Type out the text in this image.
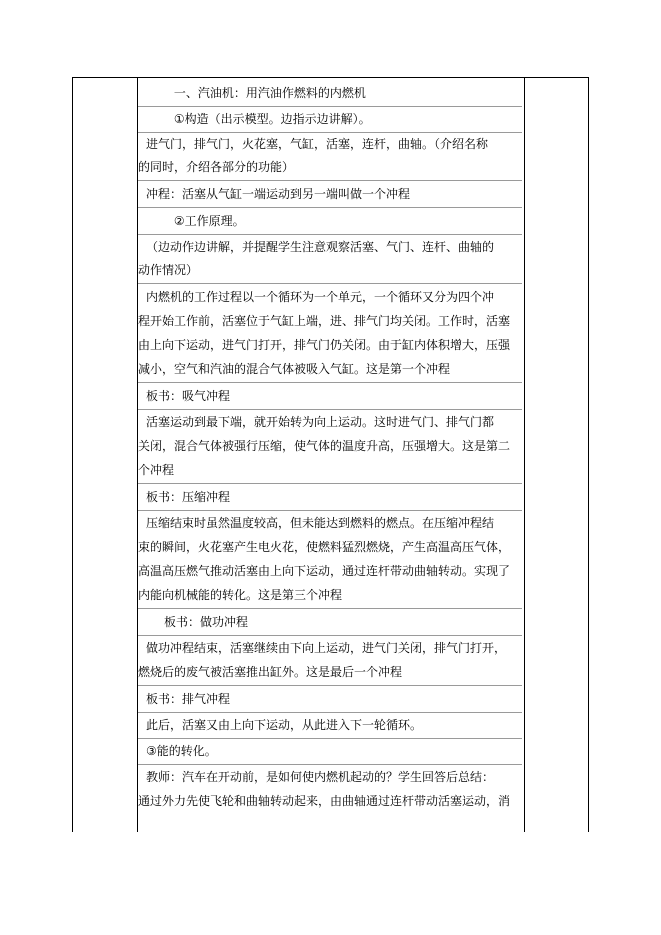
　 一、汽油机：用汽油作燃料的内燃机
　 ①构造（出示模型。边指示边讲解）。
进气门，排气门，火花塞，气缸，活塞，连杆，曲轴。（介绍名称
的同时，介绍各部分的功能）
冲程：活塞从气缸一端运动到另一端叫做一个冲程
　 ②工作原理。
（边动作边讲解，并提醒学生注意观察活塞、气门、连杆、曲轴的
动作情况）
内燃机的工作过程以一个循环为一个单元，一个循环又分为四个冲
程开始工作前，活塞位于气缸上端，进、排气门均关闭。工作时，活塞
由上向下运动，进气门打开，排气门仍关闭。由于缸内体积增大，压强
减小，空气和汽油的混合气体被吸入气缸。这是第一个冲程
板书：吸气冲程
活塞运动到最下端，就开始转为向上运动。这时进气门、排气门都
关闭，混合气体被强行压缩，使气体的温度升高，压强增大。这是第二
个冲程
板书：压缩冲程
压缩结束时虽然温度较高，但未能达到燃料的燃点。在压缩冲程结
束的瞬间，火花塞产生电火花，使燃料猛烈燃烧，产生高温高压气体，
高温高压燃气推动活塞由上向下运动，通过连杆带动曲轴转动。实现了
内能向机械能的转化。这是第三个冲程
　板书：做功冲程
做功冲程结束，活塞继续由下向上运动，进气门关闭，排气门打开，
燃烧后的废气被活塞推出缸外。这是最后一个冲程
板书：排气冲程
此后，活塞又由上向下运动，从此进入下一轮循环。
③能的转化。
教师：汽车在开动前，是如何使内燃机起动的？学生回答后总结：
通过外力先使飞轮和曲轴转动起来，由曲轴通过连杆带动活塞运动，消
